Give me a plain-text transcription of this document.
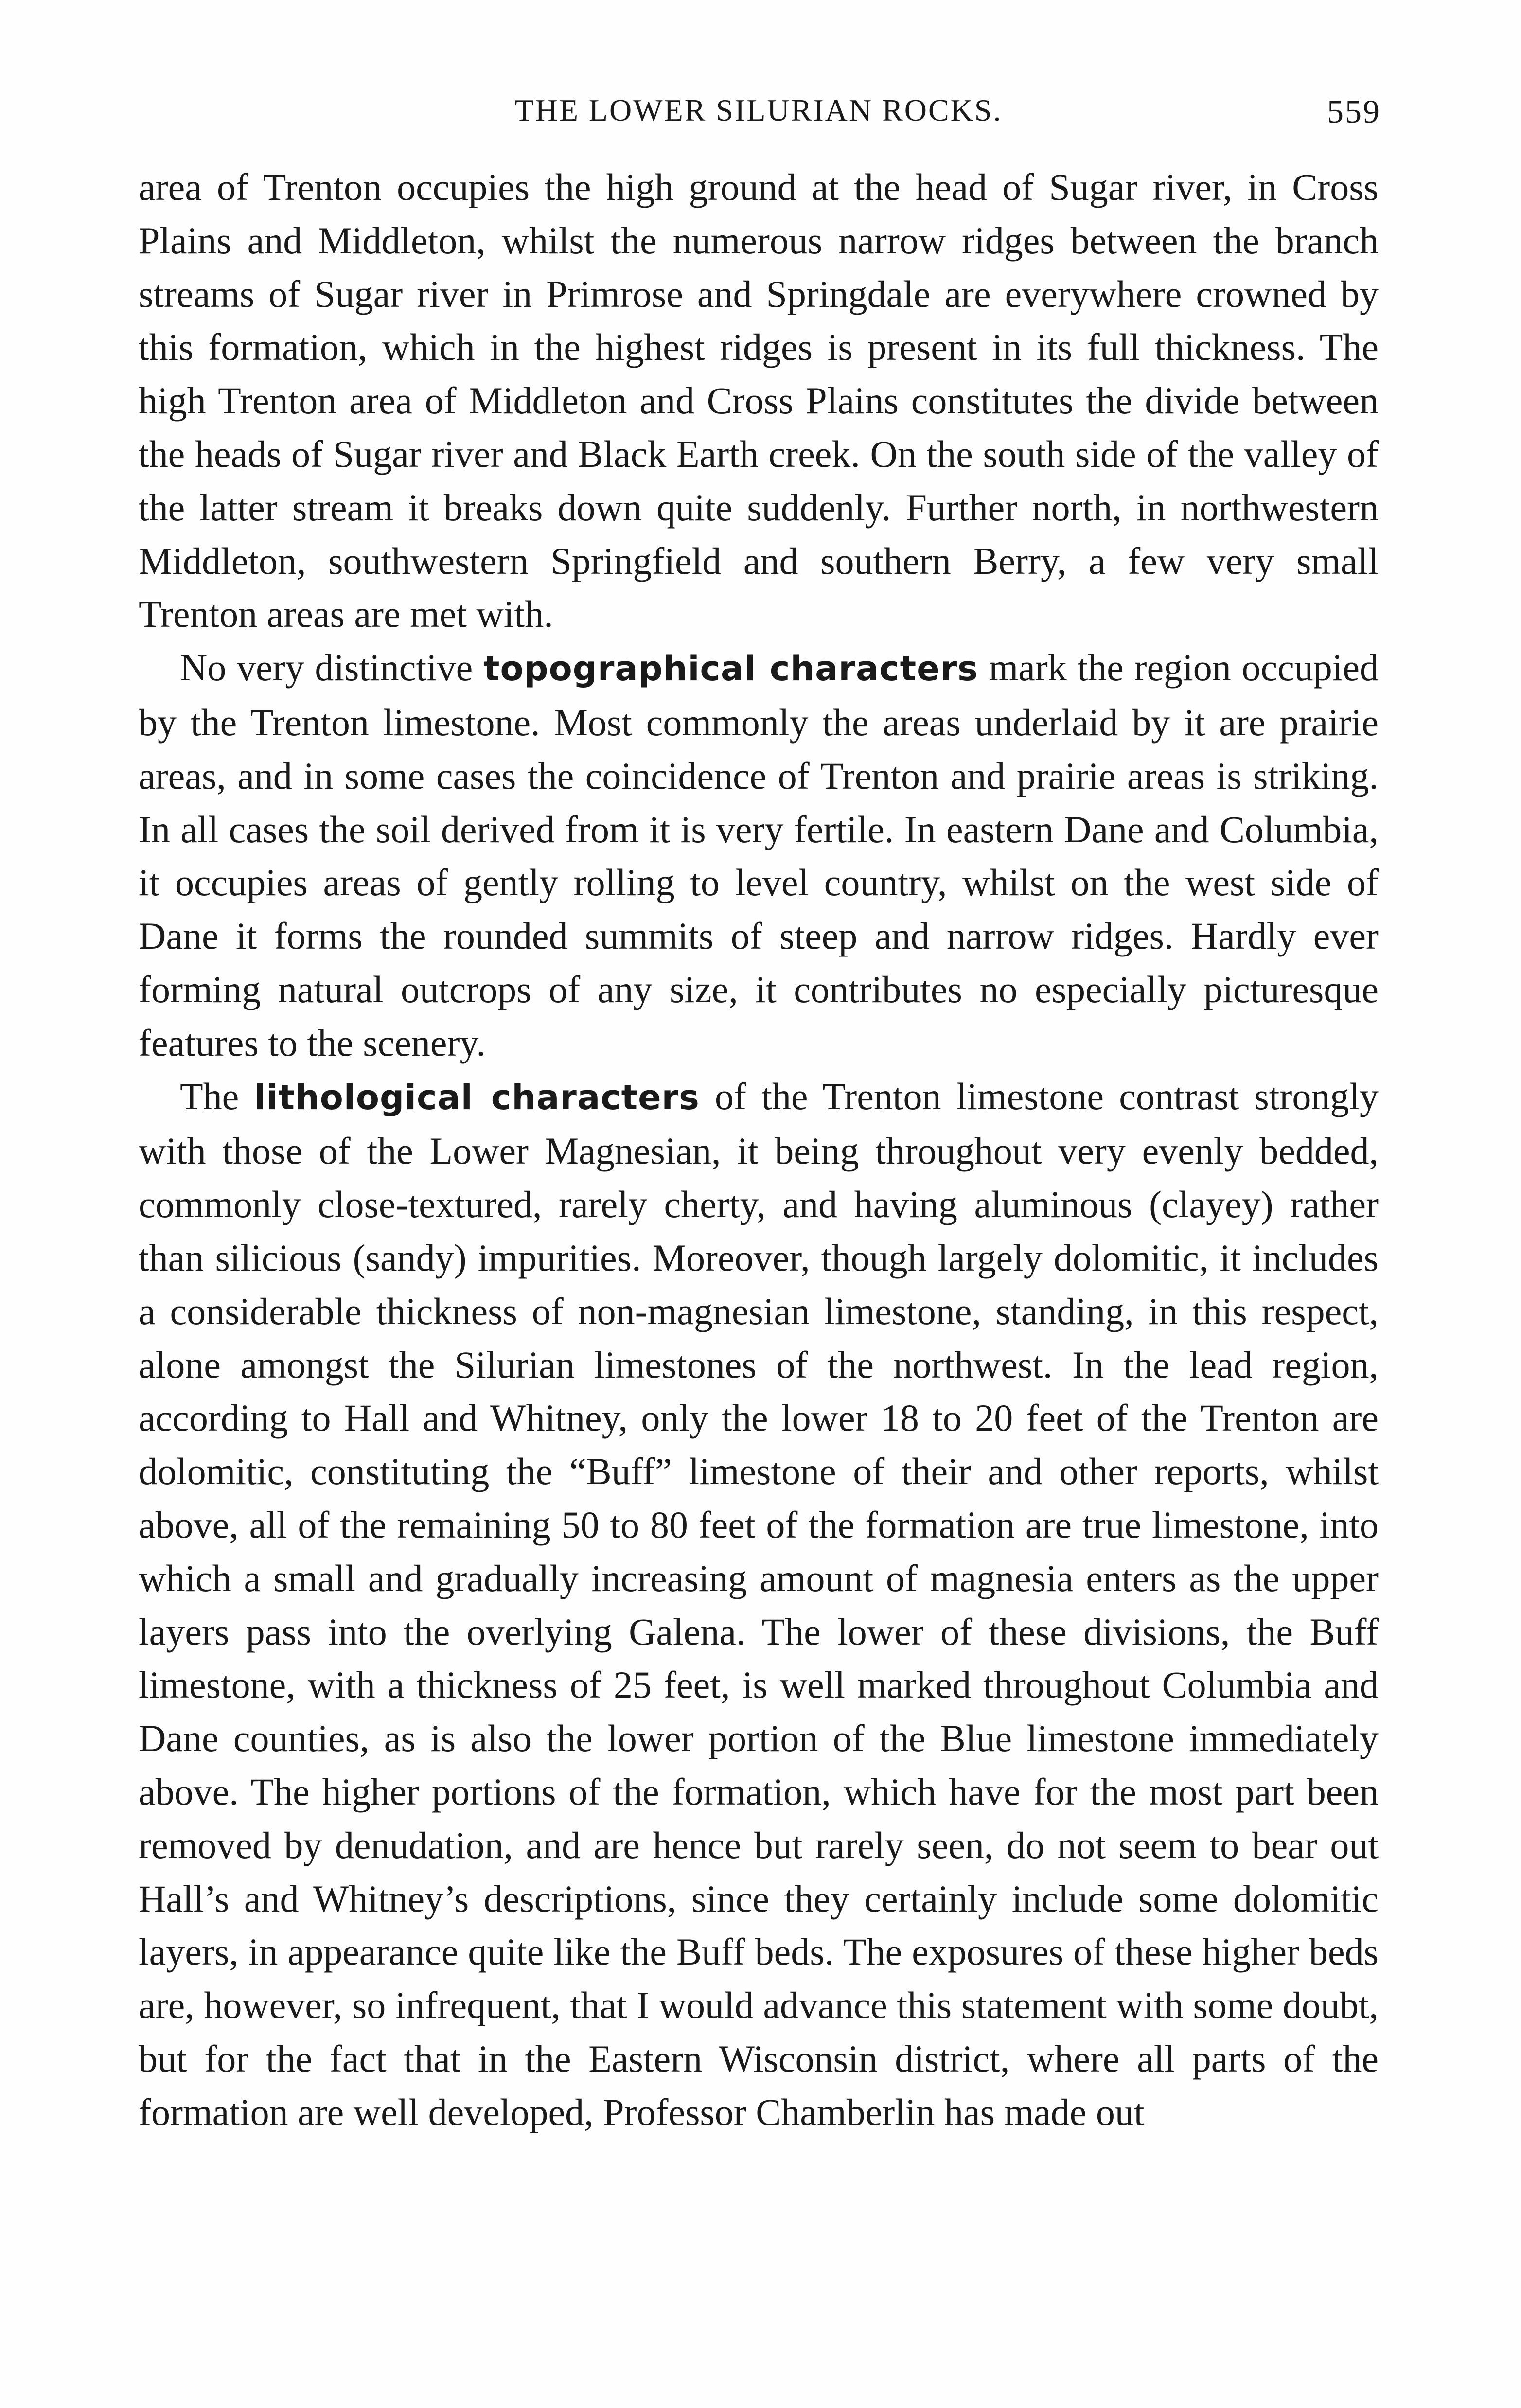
THE LOWER SILURIAN ROCKS.	559

area of Trenton occupies the high ground at the head of Sugar river, in Cross Plains and Middleton, whilst the numerous narrow ridges between the branch streams of Sugar river in Primrose and Springdale are everywhere crowned by this formation, which in the highest ridges is present in its full thickness. The high Trenton area of Middleton and Cross Plains constitutes the divide between the heads of Sugar river and Black Earth creek. On the south side of the valley of the latter stream it breaks down quite suddenly. Further north, in northwestern Middleton, southwestern Springfield and southern Berry, a few very small Trenton areas are met with.

No very distinctive topographical characters mark the region occupied by the Trenton limestone. Most commonly the areas underlaid by it are prairie areas, and in some cases the coincidence of Trenton and prairie areas is striking. In all cases the soil derived from it is very fertile. In eastern Dane and Columbia, it occupies areas of gently rolling to level country, whilst on the west side of Dane it forms the rounded summits of steep and narrow ridges. Hardly ever forming natural outcrops of any size, it contributes no especially picturesque features to the scenery.

The lithological characters of the Trenton limestone contrast strongly with those of the Lower Magnesian, it being throughout very evenly bedded, commonly close-textured, rarely cherty, and having aluminous (clayey) rather than silicious (sandy) impurities. Moreover, though largely dolomitic, it includes a considerable thickness of non-magnesian limestone, standing, in this respect, alone amongst the Silurian limestones of the northwest. In the lead region, according to Hall and Whitney, only the lower 18 to 20 feet of the Trenton are dolomitic, constituting the “Buff” limestone of their and other reports, whilst above, all of the remaining 50 to 80 feet of the formation are true limestone, into which a small and gradually increasing amount of magnesia enters as the upper layers pass into the overlying Galena. The lower of these divisions, the Buff limestone, with a thickness of 25 feet, is well marked throughout Columbia and Dane counties, as is also the lower portion of the Blue limestone immediately above. The higher portions of the formation, which have for the most part been removed by denudation, and are hence but rarely seen, do not seem to bear out Hall’s and Whitney’s descriptions, since they certainly include some dolomitic layers, in appearance quite like the Buff beds. The exposures of these higher beds are, however, so infrequent, that I would advance this statement with some doubt, but for the fact that in the Eastern Wisconsin district, where all parts of the formation are well developed, Professor Chamberlin has made out
